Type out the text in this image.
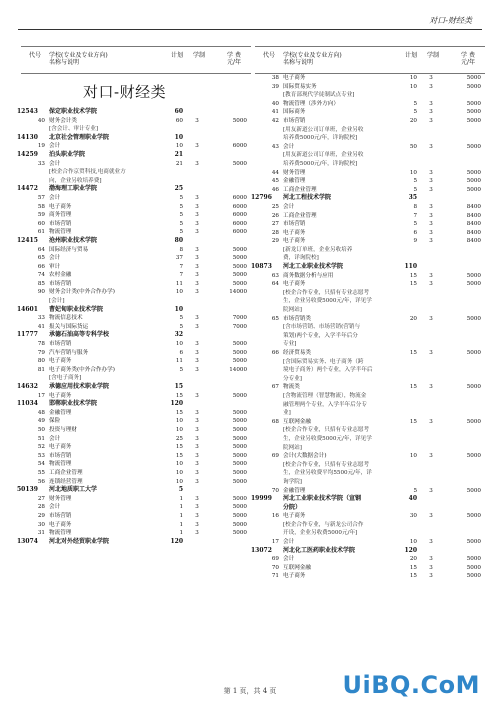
对口-财经类
代号 学校(专业及专业方向)
名称与说明
计划 学制	学 费
元/年
对口-财经类
12543	保定职业技术学院	60
40 财务会计类	60	3	5000
[含会计、审计专业]
14130	北京社会管理职业学院	10
19 会计	10	3	6000
14259	泊头职业学院	21
33 会计	21	3	5000
[校企合作京贸科技,电商就业方
向，企业另收培养费]
14472	渤海理工职业学院	25
57 会计	5	3	6000
58 电子商务	5	3	6000
59 商务管理	5	3	6000
60 市场营销	5	3	6000
61 物流管理	5	3	6000
12415	沧州职业技术学院	80
64 国际经济与贸易	8	3	5000
65 会计	37	3	5000
66 审计	7	3	5000
74 农村金融	7	3	5000
85 市场营销	11	3	5000
90 财务会计类(中外合作办学)	10	3	14000
[会计]
14601	曹妃甸职业技术学院	10
33 物流信息技术	5	3	7000
41 报关与国际货运	5	3	7000
11777	承德石油高等专科学校	32
78 市场营销	10	3	5000
79 汽车营销与服务	6	3	5000
80 电子商务	11	3	5000
81 电子商务类(中外合作办学)	5	3	14000
[含电子商务]
14632	承德应用技术职业学院	15
17 电子商务	15	3	5000
11034	邯郸职业技术学院	120
48 金融管理	15	3	5000
49 保险	10	3	5000
50 投资与理财	10	3	5000
51 会计	25	3	5000
52 电子商务	15	3	5000
53 市场营销	15	3	5000
54 物流管理	10	3	5000
55 工商企业管理	10	3	5000
56 连锁经营管理	10	3	5000
50139	河北地质职工大学	5
27 财务管理	1	3	5000
28 会计	1	3	5000
29 市场营销	1	3	5000
30 电子商务	1	3	5000
31 物流管理	1	3	5000
13074	河北对外经贸职业学院	120
代号 学校(专业及专业方向)
名称与说明
计划 学制	学 费
元/年
38 电子商务	10	3	5000
39 国际贸易实务	10	3	5000
[教育部现代学徒制试点专业]
40 物流管理（涉外方向）	5	3	5000
41 国际商务	5	3	5000
42 市场营销	20	3	5000
[用友新道公司订单班，企业另收
培养费5000元/年，详询院校]
43 会计	50	3	5000
[用友新道公司订单班，企业另收
培养费5000元/年，详询院校]
44 财务管理	10	3	5000
45 金融管理	5	3	5000
46 工商企业管理	5	3	5000
12796	河北工程技术学院	35
25 会计	8	3	8400
26 工商企业管理	7	3	8400
27 市场营销	5	3	8400
28 电子商务	6	3	8400
29 电子商务	9	3	8400
[新龙订单班，企业另收培养
费，详询院校]
10873	河北工业职业技术学院	110
63 商务数据分析与应用	15	3	5000
64 电子商务	15	3	5000
[校企合作专业，只招有专业志愿考
生，企业另收费5000元/年，详见学
院网站]
65 市场营销类	20	3	5000
[含市场营销、市场营销(营销与
策划)两个专业，入学半年后分
专业]
66 经济贸易类	15	3	5000
[含国际贸易实务、电子商务（跨
境电子商务）两个专业，入学半年后
分专业]
67 物流类	15	3	5000
[含物流管理（智慧物流），物流金
融管理两个专业，入学半年后分专
业]
68 互联网金融	15	3	5000
[校企合作专业，只招有专业志愿考
生，企业另收费5000元/年，详见学
院网站]
69 会计(大数据会计)	10	3	5000
[校企合作专业，只招有专业志愿考
生，企业另收费平均5500元/年，详
询学院]
70 金融管理	5	3	5000
19999	河北工业职业技术学院（宣钢	40
分院）
16 电子商务	30	3	5000
[校企合作专业，与新龙公司合作
开设，企业另收费5000元/年]
17 会计	10	3	5000
13072	河北化工医药职业技术学院	120
69 会计	20	3	5000
70 互联网金融	15	3	5000
71 电子商务	15	3	5000
第 1 页，共 4 页	UiBQ.CoM
